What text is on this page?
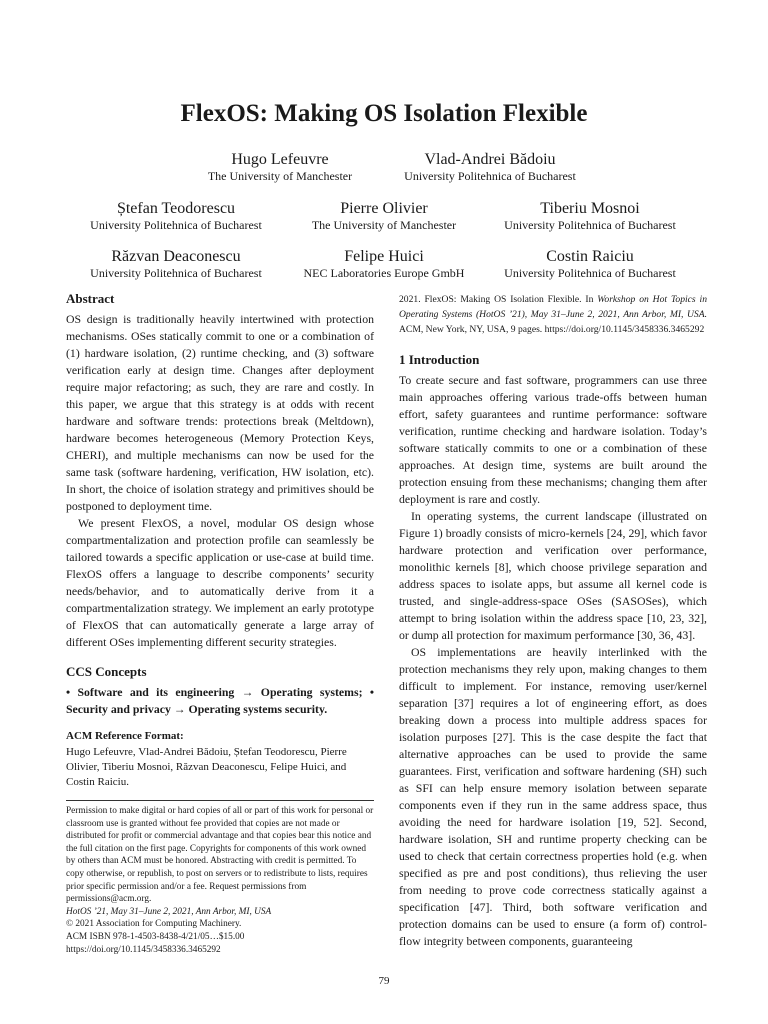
FlexOS: Making OS Isolation Flexible
Hugo Lefeuvre
The University of Manchester
Vlad-Andrei Bădoiu
University Politehnica of Bucharest
Ștefan Teodorescu
University Politehnica of Bucharest
Pierre Olivier
The University of Manchester
Tiberiu Mosnoi
University Politehnica of Bucharest
Răzvan Deaconescu
University Politehnica of Bucharest
Felipe Huici
NEC Laboratories Europe GmbH
Costin Raiciu
University Politehnica of Bucharest
Abstract

OS design is traditionally heavily intertwined with protection mechanisms. OSes statically commit to one or a combination of (1) hardware isolation, (2) runtime checking, and (3) software verification early at design time. Changes after deployment require major refactoring; as such, they are rare and costly. In this paper, we argue that this strategy is at odds with recent hardware and software trends: protections break (Meltdown), hardware becomes heterogeneous (Memory Protection Keys, CHERI), and multiple mechanisms can now be used for the same task (software hardening, verification, HW isolation, etc). In short, the choice of isolation strategy and primitives should be postponed to deployment time.

We present FlexOS, a novel, modular OS design whose compartmentalization and protection profile can seamlessly be tailored towards a specific application or use-case at build time. FlexOS offers a language to describe components’ security needs/behavior, and to automatically derive from it a compartmentalization strategy. We implement an early prototype of FlexOS that can automatically generate a large array of different OSes implementing different security strategies.

CCS Concepts
• Software and its engineering → Operating systems; • Security and privacy → Operating systems security.
ACM Reference Format:
Hugo Lefeuvre, Vlad-Andrei Bădoiu, Ștefan Teodorescu, Pierre Olivier, Tiberiu Mosnoi, Răzvan Deaconescu, Felipe Huici, and Costin Raiciu.

Permission to make digital or hard copies of all or part of this work for personal or classroom use is granted without fee provided that copies are not made or distributed for profit or commercial advantage and that copies bear this notice and the full citation on the first page. Copyrights for components of this work owned by others than ACM must be honored. Abstracting with credit is permitted. To copy otherwise, or republish, to post on servers or to redistribute to lists, requires prior specific permission and/or a fee. Request permissions from permissions@acm.org.

HotOS ’21, May 31–June 2, 2021, Ann Arbor, MI, USA

© 2021 Association for Computing Machinery.

ACM ISBN 978-1-4503-8438-4/21/05…$15.00

https://doi.org/10.1145/3458336.3465292

2021. FlexOS: Making OS Isolation Flexible. In Workshop on Hot Topics in Operating Systems (HotOS ’21), May 31–June 2, 2021, Ann Arbor, MI, USA. ACM, New York, NY, USA, 9 pages. https://doi.org/10.1145/3458336.3465292
1 Introduction

To create secure and fast software, programmers can use three main approaches offering various trade-offs between human effort, safety guarantees and runtime performance: software verification, runtime checking and hardware isolation. Today’s software statically commits to one or a combination of these approaches. At design time, systems are built around the protection ensuing from these mechanisms; changing them after deployment is rare and costly.

In operating systems, the current landscape (illustrated on Figure 1) broadly consists of micro-kernels [24, 29], which favor hardware protection and verification over performance, monolithic kernels [8], which choose privilege separation and address spaces to isolate apps, but assume all kernel code is trusted, and single-address-space OSes (SASOSes), which attempt to bring isolation within the address space [10, 23, 32], or dump all protection for maximum performance [30, 36, 43].

OS implementations are heavily interlinked with the protection mechanisms they rely upon, making changes to them difficult to implement. For instance, removing user/kernel separation [37] requires a lot of engineering effort, as does breaking down a process into multiple address spaces for isolation purposes [27]. This is the case despite the fact that alternative approaches can be used to provide the same guarantees. First, verification and software hardening (SH) such as SFI can help ensure memory isolation between separate components even if they run in the same address space, thus avoiding the need for hardware isolation [19, 52]. Second, hardware isolation, SH and runtime property checking can be used to check that certain correctness properties hold (e.g. when specified as pre and post conditions), thus relieving the user from needing to prove code correctness statically against a specification [47]. Third, both software verification and protection domains can be used to ensure (a form of) control-flow integrity between components, guaranteeing

79
